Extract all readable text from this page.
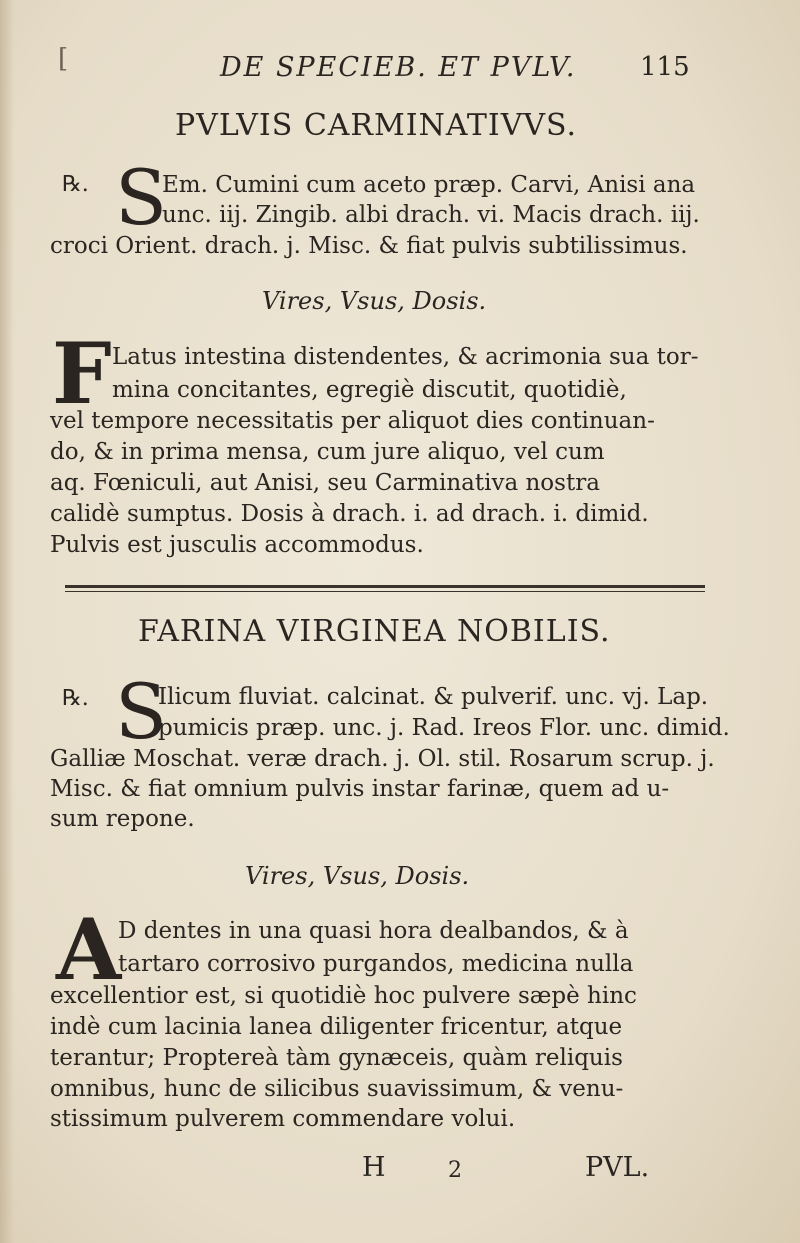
[	DE SPECIEB. ET PVLV. 115
PVLVIS CARMINATIVVS.
℞. S
Em. Cumini cum aceto præp. Carvi, Anisi ana
unc. iij. Zingib. albi drach. vi. Macis drach. iij.
croci Orient. drach. j. Misc. & fiat pulvis subtilissimus.
Vires, Vsus, Dosis.
F Latus intestina distendentes, & acrimonia sua tor-
mina concitantes, egregiè discutit, quotidiè,
vel tempore necessitatis per aliquot dies continuan-
do, & in prima mensa, cum jure aliquo, vel cum
aq. Fœniculi, aut Anisi, seu Carminativa nostra
calidè sumptus. Dosis à drach. i. ad drach. i. dimid.
Pulvis est jusculis accommodus.
FARINA VIRGINEA NOBILIS.
℞. S
Ilicum fluviat. calcinat. & pulverif. unc. vj. Lap.
pumicis præp. unc. j. Rad. Ireos Flor. unc. dimid.
Galliæ Moschat. veræ drach. j. Ol. stil. Rosarum scrup. j.
Misc. & fiat omnium pulvis instar farinæ, quem ad u-
sum repone.
Vires, Vsus, Dosis.
A
D dentes in una quasi hora dealbandos, & à
tartaro corrosivo purgandos, medicina nulla
excellentior est, si quotidiè hoc pulvere sæpè hinc
indè cum lacinia lanea diligenter fricentur, atque
terantur; Proptereà tàm gynæceis, quàm reliquis
omnibus, hunc de silicibus suavissimum, & venu-
stissimum pulverem commendare volui.
H	2	PVL.
